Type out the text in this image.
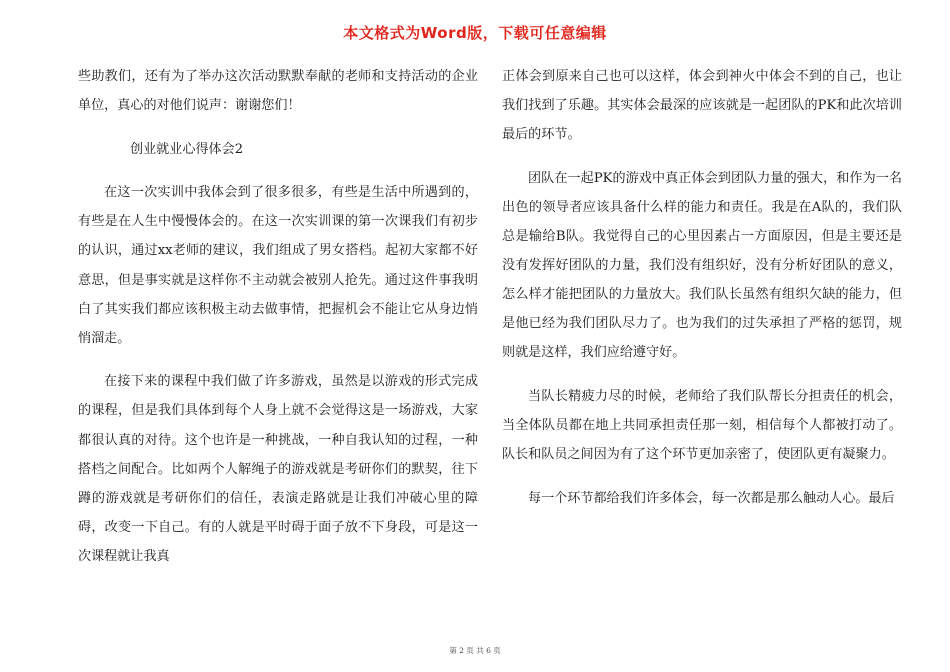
本文格式为Word版，下载可任意编辑

些助教们，还有为了举办这次活动默默奉献的老师和支持活动的企业单位，真心的对他们说声：谢谢您们！

创业就业心得体会2

在这一次实训中我体会到了很多很多，有些是生活中所遇到的，有些是在人生中慢慢体会的。在这一次实训课的第一次课我们有初步的认识，通过xx老师的建议，我们组成了男女搭档。起初大家都不好意思，但是事实就是这样你不主动就会被别人抢先。通过这件事我明白了其实我们都应该积极主动去做事情，把握机会不能让它从身边悄悄溜走。

在接下来的课程中我们做了许多游戏，虽然是以游戏的形式完成的课程，但是我们具体到每个人身上就不会觉得这是一场游戏，大家都很认真的对待。这个也许是一种挑战，一种自我认知的过程，一种搭档之间配合。比如两个人解绳子的游戏就是考研你们的默契，往下蹲的游戏就是考研你们的信任，表演走路就是让我们冲破心里的障碍，改变一下自己。有的人就是平时碍于面子放不下身段，可是这一次课程就让我真

正体会到原来自己也可以这样，体会到神火中体会不到的自己，也让我们找到了乐趣。其实体会最深的应该就是一起团队的PK和此次培训最后的环节。

团队在一起PK的游戏中真正体会到团队力量的强大，和作为一名出色的领导者应该具备什么样的能力和责任。我是在A队的，我们队总是输给B队。我觉得自己的心里因素占一方面原因，但是主要还是没有发挥好团队的力量，我们没有组织好，没有分析好团队的意义，怎么样才能把团队的力量放大。我们队长虽然有组织欠缺的能力，但是他已经为我们团队尽力了。也为我们的过失承担了严格的惩罚，规则就是这样，我们应给遵守好。

当队长精疲力尽的时候，老师给了我们队帮长分担责任的机会，当全体队员都在地上共同承担责任那一刻，相信每个人都被打动了。队长和队员之间因为有了这个环节更加亲密了，使团队更有凝聚力。

每一个环节都给我们许多体会，每一次都是那么触动人心。最后

第 2 页 共 6 页
